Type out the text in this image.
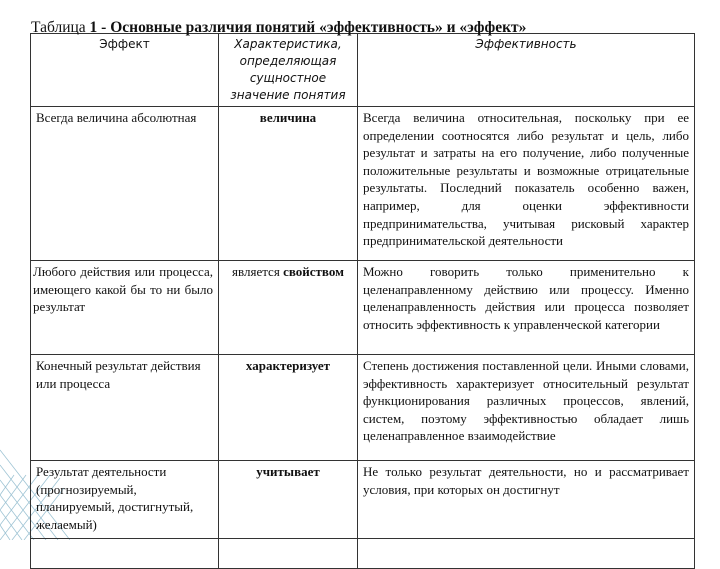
Таблица 1 - Основные различия понятий «эффективность» и «эффект»
Эффект	Характеристика, определяющая сущностное значение понятия	Эффективность
Всегда величина абсолютная	величина	Всегда величина относительная, поскольку при ее определении соотносятся либо результат и цель, либо результат и затраты на его получение, либо полученные положительные результаты и возможные отрицательные результаты. Последний показатель особенно важен, например, для оценки эффективности предпринимательства, учитывая рисковый характер предпринимательской деятельности
Любого действия или процесса, имеющего какой бы то ни было результат	является свойством	Можно говорить только применительно к целенаправленному действию или процессу. Именно целенаправленность действия или процесса позволяет относить эффективность к управленческой категории
Конечный результат действия или процесса	характеризует	Степень достижения поставленной цели. Иными словами, эффективность характеризует относительный результат функционирования различных процессов, явлений, систем, поэтому эффективностью обладает лишь целенаправленное взаимодействие
Результат деятельности (прогнозируемый, планируемый, достигнутый, желаемый)	учитывает	Не только результат деятельности, но и рассматривает условия, при которых он достигнут
